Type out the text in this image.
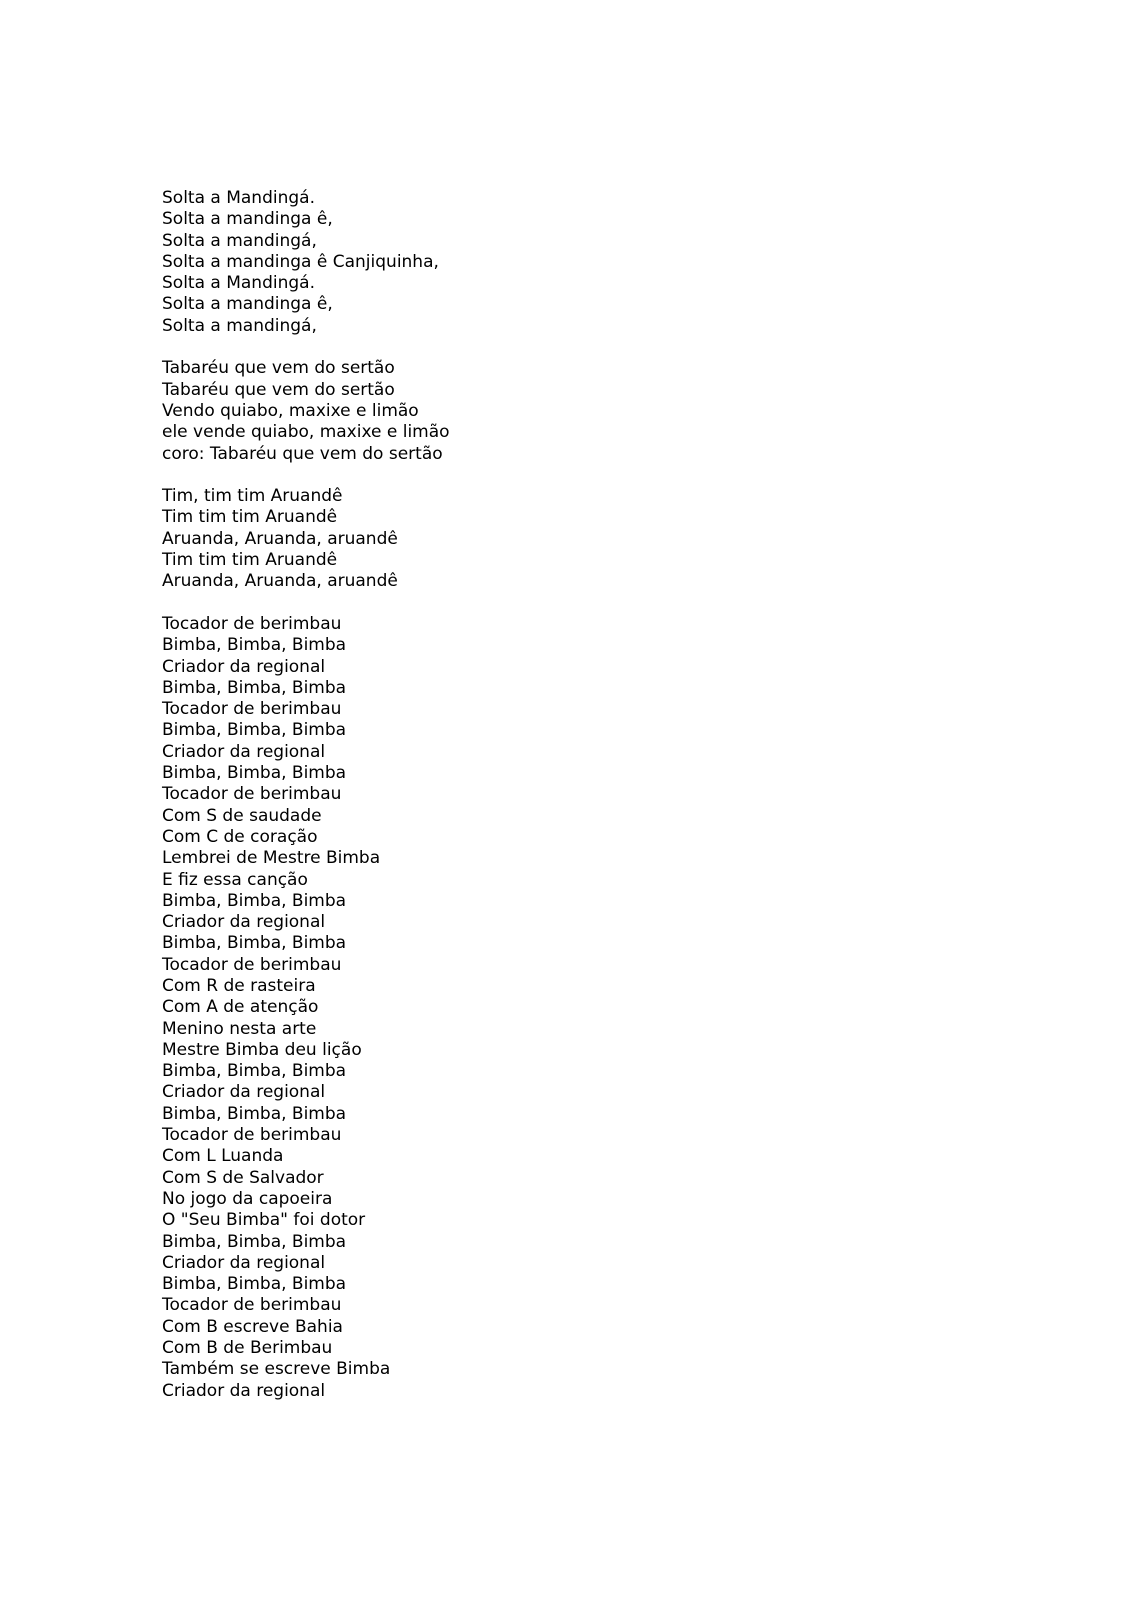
Solta a Mandingá.
Solta a mandinga ê,
Solta a mandingá,
Solta a mandinga ê Canjiquinha,
Solta a Mandingá.
Solta a mandinga ê,
Solta a mandingá,
Tabaréu que vem do sertão
Tabaréu que vem do sertão
Vendo quiabo, maxixe e limão
ele vende quiabo, maxixe e limão
coro: Tabaréu que vem do sertão
Tim, tim tim Aruandê
Tim tim tim Aruandê
Aruanda, Aruanda, aruandê
Tim tim tim Aruandê
Aruanda, Aruanda, aruandê
Tocador de berimbau
Bimba, Bimba, Bimba
Criador da regional
Bimba, Bimba, Bimba
Tocador de berimbau
Bimba, Bimba, Bimba
Criador da regional
Bimba, Bimba, Bimba
Tocador de berimbau
Com S de saudade
Com C de coração
Lembrei de Mestre Bimba
E fiz essa canção
Bimba, Bimba, Bimba
Criador da regional
Bimba, Bimba, Bimba
Tocador de berimbau
Com R de rasteira
Com A de atenção
Menino nesta arte
Mestre Bimba deu lição
Bimba, Bimba, Bimba
Criador da regional
Bimba, Bimba, Bimba
Tocador de berimbau
Com L Luanda
Com S de Salvador
No jogo da capoeira
O "Seu Bimba" foi dotor
Bimba, Bimba, Bimba
Criador da regional
Bimba, Bimba, Bimba
Tocador de berimbau
Com B escreve Bahia
Com B de Berimbau
Também se escreve Bimba
Criador da regional
